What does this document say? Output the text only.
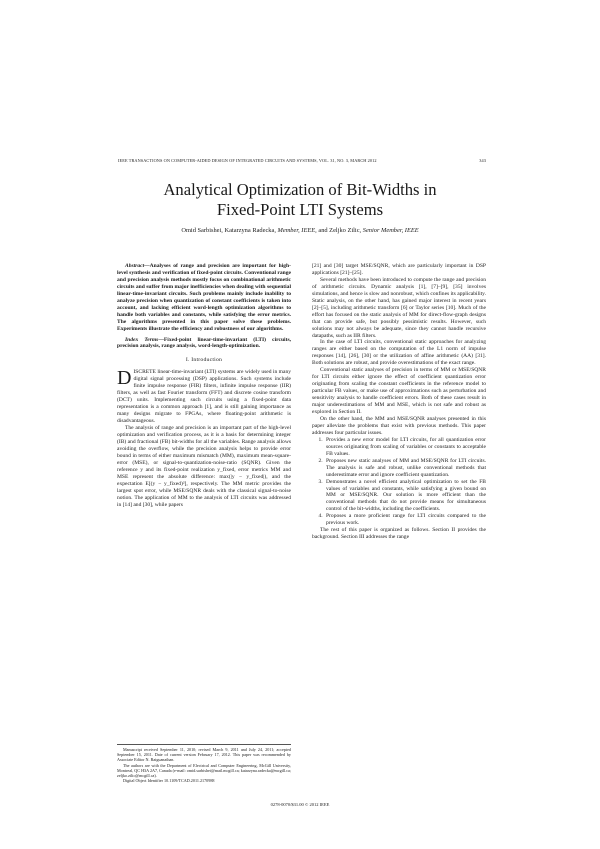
IEEE TRANSACTIONS ON COMPUTER-AIDED DESIGN OF INTEGRATED CIRCUITS AND SYSTEMS, VOL. 31, NO. 3, MARCH 2012	343
Analytical Optimization of Bit-Widths in
Fixed-Point LTI Systems
Omid Sarbishei, Katarzyna Radecka, Member, IEEE, and Zeljko Zilic, Senior Member, IEEE

Abstract—Analyses of range and precision are important for high-level synthesis and verification of fixed-point circuits. Conventional range and precision analysis methods mostly focus on combinational arithmetic circuits and suffer from major inefficiencies when dealing with sequential linear-time-invariant circuits. Such problems mainly include inability to analyze precision when quantization of constant coefficients is taken into account, and lacking efficient word-length optimization algorithms to handle both variables and constants, while satisfying the error metrics. The algorithms presented in this paper solve these problems. Experiments illustrate the efficiency and robustness of our algorithms.

Index Terms—Fixed-point linear-time-invariant (LTI) circuits, precision analysis, range analysis, word-length-optimization.

I. Introduction

DISCRETE linear-time-invariant (LTI) systems are widely used in many digital signal processing (DSP) applications. Such systems include finite impulse response (FIR) filters, infinite impulse response (IIR) filters, as well as fast Fourier transform (FFT) and discrete cosine transform (DCT) units. Implementing such circuits using a fixed-point data representation is a common approach [1], and is still gaining importance as many designs migrate to FPGAs, where floating-point arithmetic is disadvantageous.

The analysis of range and precision is an important part of the high-level optimization and verification process, as it is a basis for determining integer (IB) and fractional (FB) bit-widths for all the variables. Range analysis allows avoiding the overflow, while the precision analysis helps to provide error bound in terms of either maximum mismatch (MM), maximum mean-square-error (MSE), or signal-to-quantization-noise-ratio (SQNR). Given the reference y and its fixed-point realization y_fixed, error metrics MM and MSE represent the absolute difference: max(|y − y_fixed|), and the expectation E[(y − y_fixed)²], respectively. The MM metric provides the largest spot error, while MSE/SQNR deals with the classical signal-to-noise notion. The application of MM to the analysis of LTI circuits was addressed in [14] and [30], while papers

Manuscript received September 11, 2010; revised March 9, 2011 and July 24, 2011; accepted September 15, 2011. Date of current version February 17, 2012. This paper was recommended by Associate Editor N. Raiguanathan.

The authors are with the Department of Electrical and Computer Engineering, McGill University, Montreal, QC H3A 2A7, Canada (e-mail: omid.sarbishei@mail.mcgill.ca; katarzyna.radecka@mcgill.ca; zeljko.zilic@mcgill.ca).

Digital Object Identifier 10.1109/TCAD.2011.2170988

[21] and [30] target MSE/SQNR, which are particularly important in DSP applications [21]–[25].

Several methods have been introduced to compute the range and precision of arithmetic circuits. Dynamic analysis [1], [7]–[9], [35] involves simulations, and hence is slow and nonrobust, which confines its applicability. Static analysis, on the other hand, has gained major interest in recent years [2]–[5], including arithmetic transform [6] or Taylor series [10]. Much of the effort has focused on the static analysis of MM for direct-flow-graph designs that can provide safe, but possibly pessimistic results. However, such solutions may not always be adequate, since they cannot handle recursive datapaths, such as IIR filters.

In the case of LTI circuits, conventional static approaches for analyzing ranges are either based on the computation of the L1 norm of impulse responses [14], [26], [30] or the utilization of affine arithmetic (AA) [31]. Both solutions are robust, and provide overestimations of the exact range.

Conventional static analyses of precision in terms of MM or MSE/SQNR for LTI circuits either ignore the effect of coefficient quantization error originating from scaling the constant coefficients in the reference model to particular FB values, or make use of approximations such as perturbation and sensitivity analysis to handle coefficient errors. Both of these cases result in major underestimations of MM and MSE, which is not safe and robust as explored in Section II.

On the other hand, the MM and MSE/SQNR analyses presented in this paper alleviate the problems that exist with previous methods. This paper addresses four particular issues.

1. Provides a new error model for LTI circuits, for all quantization error sources originating from scaling of variables or constants to acceptable FB values.
2. Proposes new static analyses of MM and MSE/SQNR for LTI circuits. The analysis is safe and robust, unlike conventional methods that underestimate error and ignore coefficient quantization.
3. Demonstrates a novel efficient analytical optimization to set the FB values of variables and constants, while satisfying a given bound on MM or MSE/SQNR. Our solution is more efficient than the conventional methods that do not provide means for simultaneous control of the bit-widths, including the coefficients.
4. Proposes a more proficient range for LTI circuits compared to the previous work.

The rest of this paper is organized as follows. Section II provides the background. Section III addresses the range

0278-0070/$31.00 © 2012 IEEE
